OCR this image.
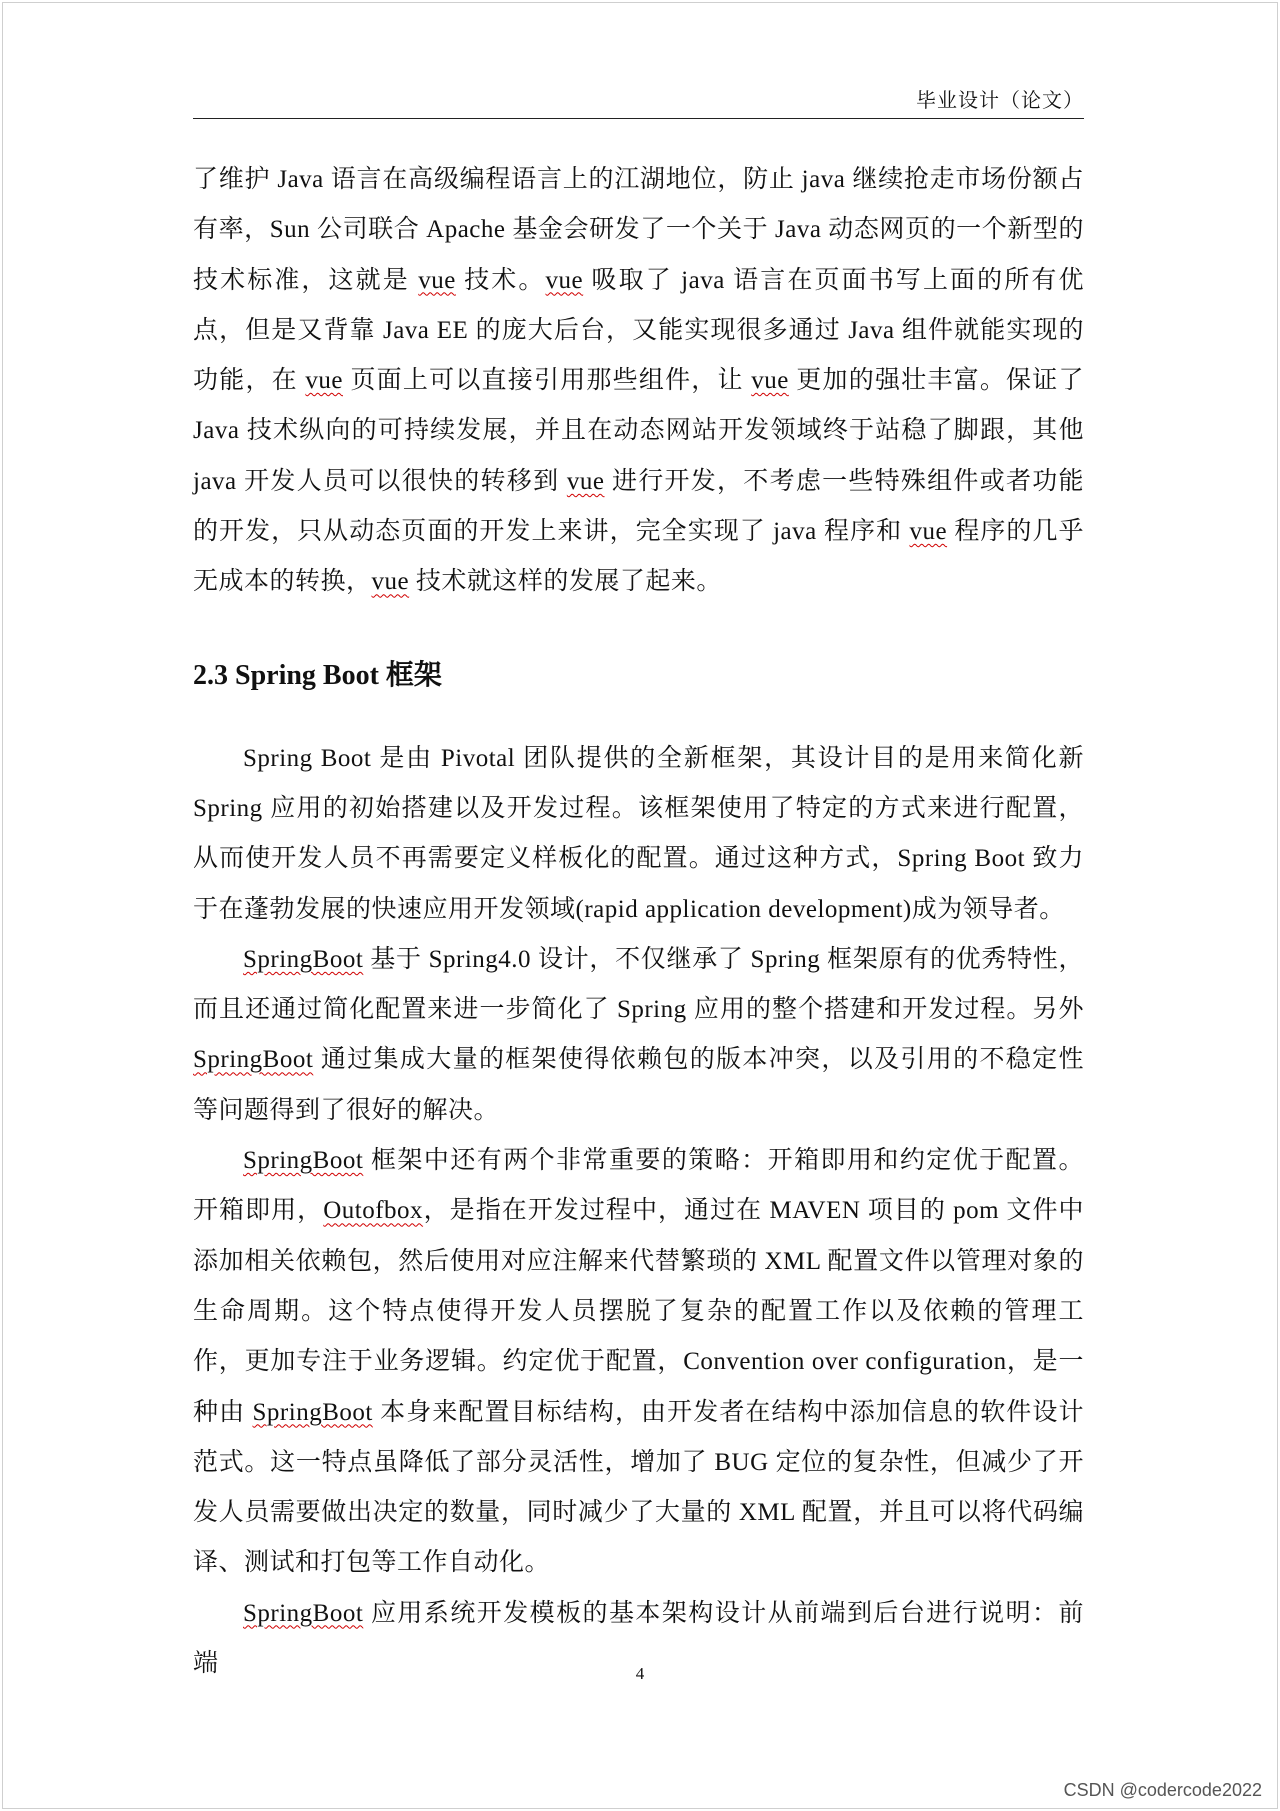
毕业设计（论文）

了维护 Java 语言在高级编程语言上的江湖地位，防止 java 继续抢走市场份额占有率，Sun 公司联合 Apache 基金会研发了一个关于 Java 动态网页的一个新型的技术标准，这就是 vue 技术。vue 吸取了 java 语言在页面书写上面的所有优点，但是又背靠 Java EE 的庞大后台，又能实现很多通过 Java 组件就能实现的功能，在 vue 页面上可以直接引用那些组件，让 vue 更加的强壮丰富。保证了 Java 技术纵向的可持续发展，并且在动态网站开发领域终于站稳了脚跟，其他 java 开发人员可以很快的转移到 vue 进行开发，不考虑一些特殊组件或者功能的开发，只从动态页面的开发上来讲，完全实现了 java 程序和 vue 程序的几乎无成本的转换，vue 技术就这样的发展了起来。

2.3 Spring Boot 框架

Spring Boot 是由 Pivotal 团队提供的全新框架，其设计目的是用来简化新 Spring 应用的初始搭建以及开发过程。该框架使用了特定的方式来进行配置，从而使开发人员不再需要定义样板化的配置。通过这种方式，Spring Boot 致力于在蓬勃发展的快速应用开发领域(rapid application development)成为领导者。

SpringBoot 基于 Spring4.0 设计，不仅继承了 Spring 框架原有的优秀特性，而且还通过简化配置来进一步简化了 Spring 应用的整个搭建和开发过程。另外 SpringBoot 通过集成大量的框架使得依赖包的版本冲突，以及引用的不稳定性等问题得到了很好的解决。

SpringBoot 框架中还有两个非常重要的策略：开箱即用和约定优于配置。开箱即用，Outofbox，是指在开发过程中，通过在 MAVEN 项目的 pom 文件中添加相关依赖包，然后使用对应注解来代替繁琐的 XML 配置文件以管理对象的生命周期。这个特点使得开发人员摆脱了复杂的配置工作以及依赖的管理工作，更加专注于业务逻辑。约定优于配置，Convention over configuration，是一种由 SpringBoot 本身来配置目标结构，由开发者在结构中添加信息的软件设计范式。这一特点虽降低了部分灵活性，增加了 BUG 定位的复杂性，但减少了开发人员需要做出决定的数量，同时减少了大量的 XML 配置，并且可以将代码编译、测试和打包等工作自动化。

SpringBoot 应用系统开发模板的基本架构设计从前端到后台进行说明：前端	4
CSDN @codercode2022
